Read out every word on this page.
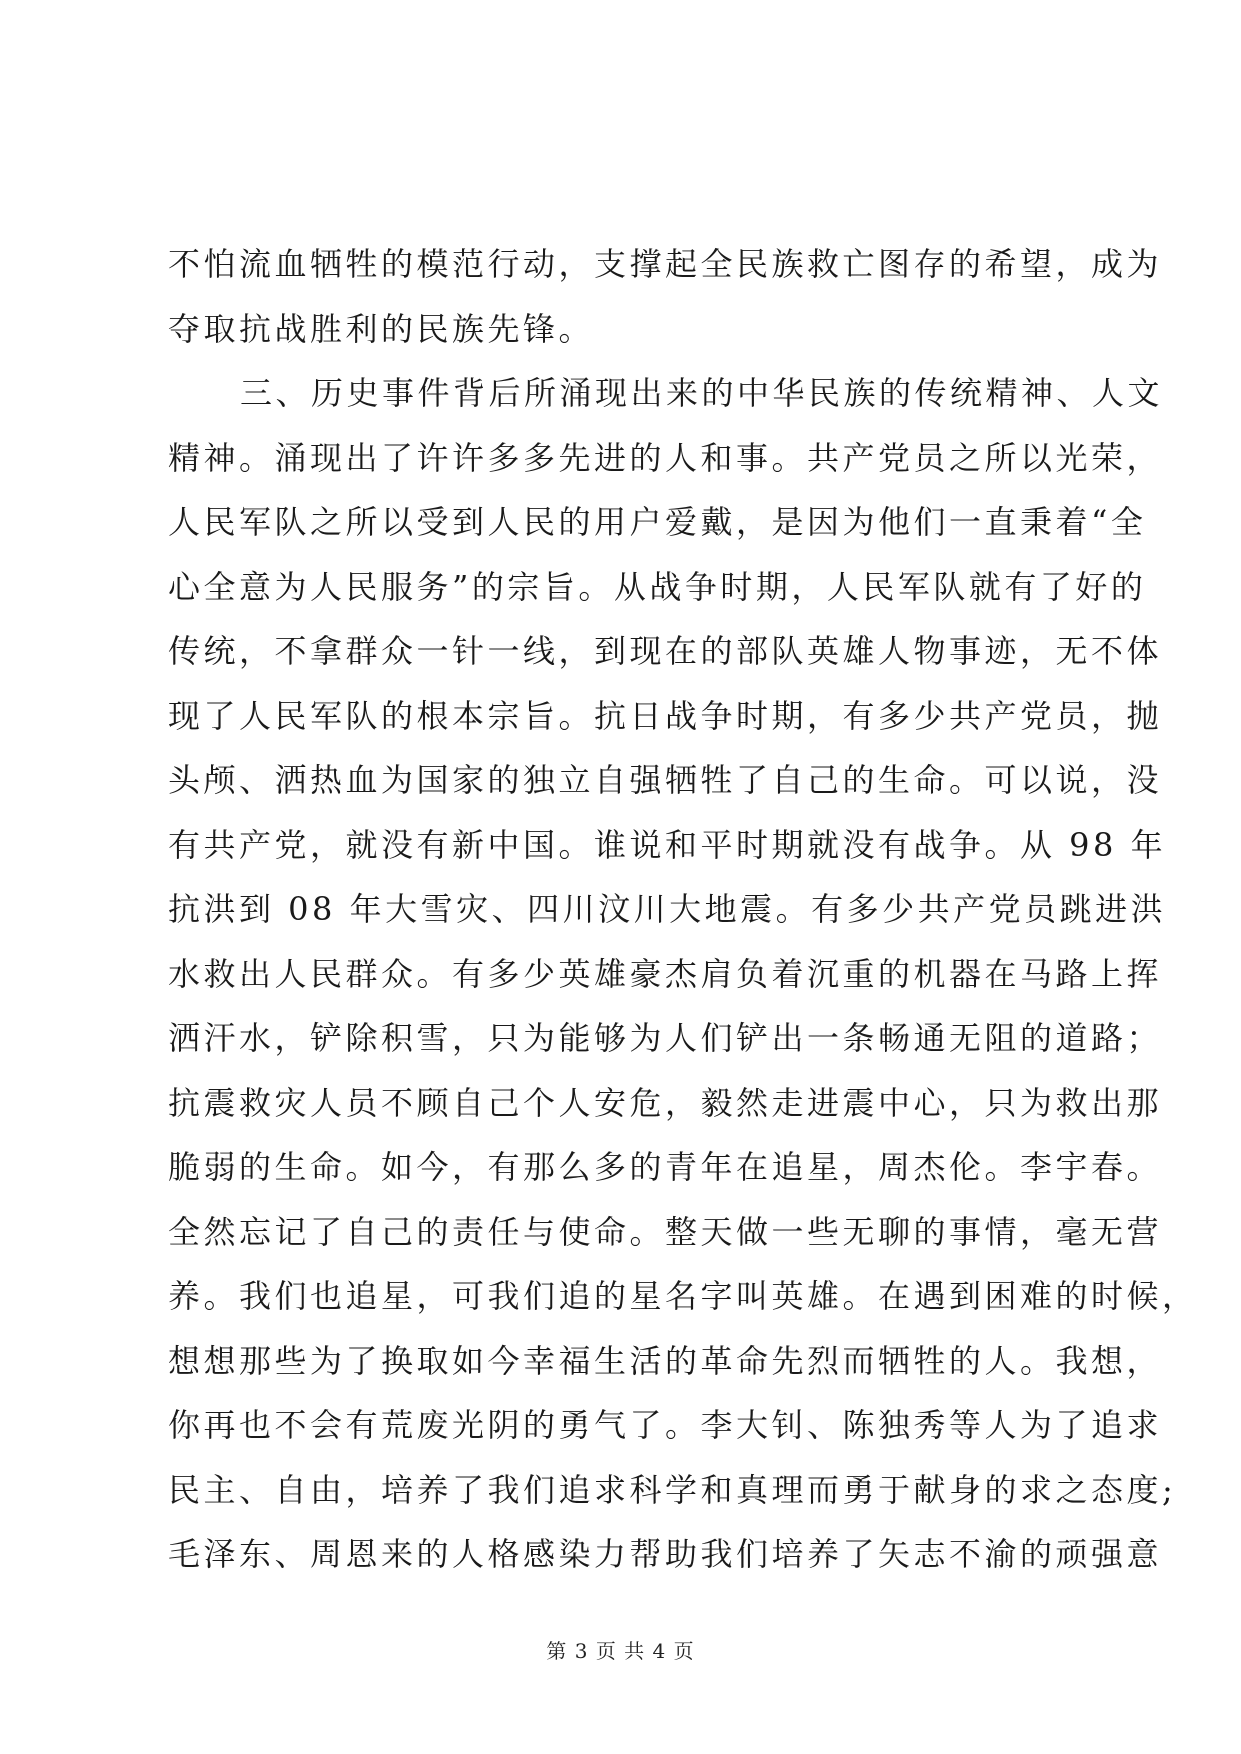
不怕流血牺牲的模范行动，支撑起全民族救亡图存的希望，成为
夺取抗战胜利的民族先锋。
三、历史事件背后所涌现出来的中华民族的传统精神、人文
精神。涌现出了许许多多先进的人和事。共产党员之所以光荣，
人民军队之所以受到人民的用户爱戴，是因为他们一直秉着“全
心全意为人民服务”的宗旨。从战争时期，人民军队就有了好的
传统，不拿群众一针一线，到现在的部队英雄人物事迹，无不体
现了人民军队的根本宗旨。抗日战争时期，有多少共产党员，抛
头颅、洒热血为国家的独立自强牺牲了自己的生命。可以说，没
有共产党，就没有新中国。谁说和平时期就没有战争。从 98 年
抗洪到 08 年大雪灾、四川汶川大地震。有多少共产党员跳进洪
水救出人民群众。有多少英雄豪杰肩负着沉重的机器在马路上挥
洒汗水，铲除积雪，只为能够为人们铲出一条畅通无阻的道路；
抗震救灾人员不顾自己个人安危，毅然走进震中心，只为救出那
脆弱的生命。如今，有那么多的青年在追星，周杰伦。李宇春。
全然忘记了自己的责任与使命。整天做一些无聊的事情，毫无营
养。我们也追星，可我们追的星名字叫英雄。在遇到困难的时候，
想想那些为了换取如今幸福生活的革命先烈而牺牲的人。我想，
你再也不会有荒废光阴的勇气了。李大钊、陈独秀等人为了追求
民主、自由，培养了我们追求科学和真理而勇于献身的求之态度;
毛泽东、周恩来的人格感染力帮助我们培养了矢志不渝的顽强意
第 3 页 共 4 页
